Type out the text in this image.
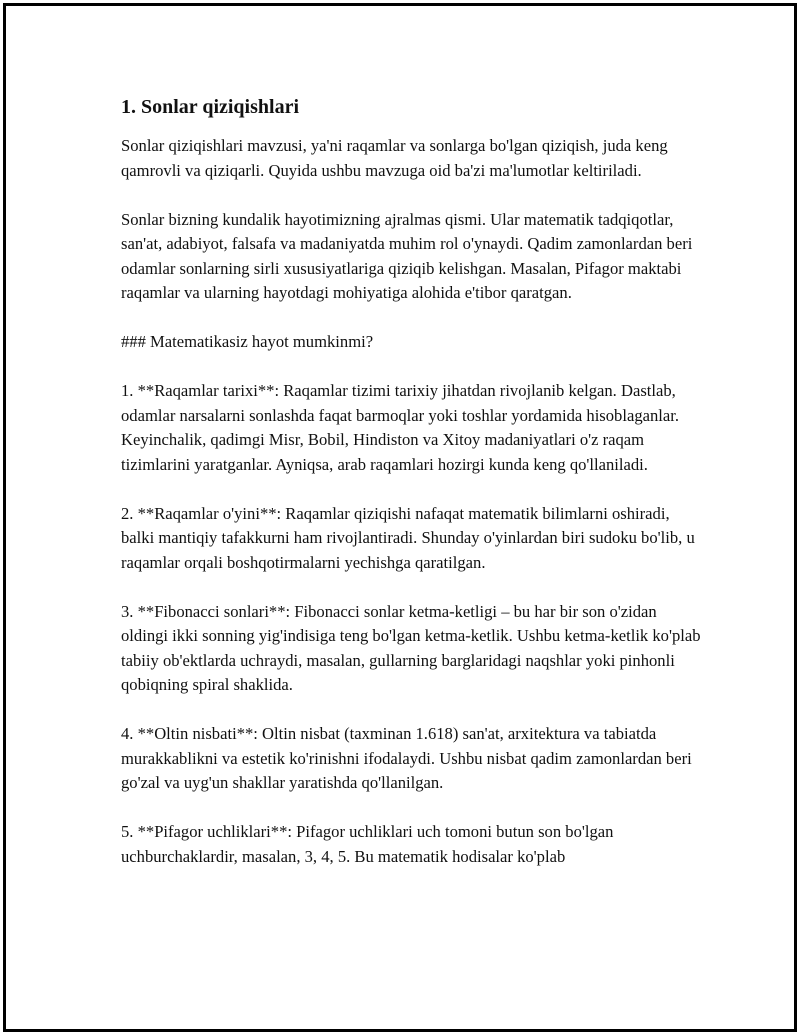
1. Sonlar qiziqishlari

Sonlar qiziqishlari mavzusi, ya'ni raqamlar va sonlarga bo'lgan qiziqish, juda keng qamrovli va qiziqarli. Quyida ushbu mavzuga oid ba'zi ma'lumotlar keltiriladi.

Sonlar bizning kundalik hayotimizning ajralmas qismi. Ular matematik tadqiqotlar, san'at, adabiyot, falsafa va madaniyatda muhim rol o'ynaydi. Qadim zamonlardan beri odamlar sonlarning sirli xususiyatlariga qiziqib kelishgan. Masalan, Pifagor maktabi raqamlar va ularning hayotdagi mohiyatiga alohida e'tibor qaratgan.

### Matematikasiz hayot mumkinmi?

1. **Raqamlar tarixi**: Raqamlar tizimi tarixiy jihatdan rivojlanib kelgan. Dastlab, odamlar narsalarni sonlashda faqat barmoqlar yoki toshlar yordamida hisoblaganlar. Keyinchalik, qadimgi Misr, Bobil, Hindiston va Xitoy madaniyatlari o'z raqam tizimlarini yaratganlar. Ayniqsa, arab raqamlari hozirgi kunda keng qo'llaniladi.

2. **Raqamlar o'yini**: Raqamlar qiziqishi nafaqat matematik bilimlarni oshiradi, balki mantiqiy tafakkurni ham rivojlantiradi. Shunday o'yinlardan biri sudoku bo'lib, u raqamlar orqali boshqotirmalarni yechishga qaratilgan.

3. **Fibonacci sonlari**: Fibonacci sonlar ketma-ketligi – bu har bir son o'zidan oldingi ikki sonning yig'indisiga teng bo'lgan ketma-ketlik. Ushbu ketma-ketlik ko'plab tabiiy ob'ektlarda uchraydi, masalan, gullarning barglaridagi naqshlar yoki pinhonli qobiqning spiral shaklida.

4. **Oltin nisbati**: Oltin nisbat (taxminan 1.618) san'at, arxitektura va tabiatda murakkablikni va estetik ko'rinishni ifodalaydi. Ushbu nisbat qadim zamonlardan beri go'zal va uyg'un shakllar yaratishda qo'llanilgan.

5. **Pifagor uchliklari**: Pifagor uchliklari uch tomoni butun son bo'lgan uchburchaklardir, masalan, 3, 4, 5. Bu matematik hodisalar ko'plab
